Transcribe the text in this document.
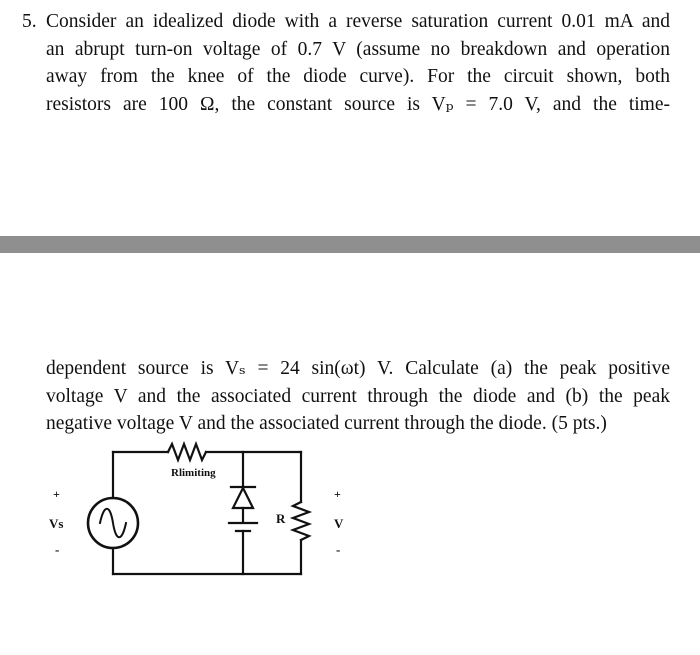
5. Consider an idealized diode with a reverse saturation current 0.01 mA and
an abrupt turn-on voltage of 0.7 V (assume no breakdown and operation
away from the knee of the diode curve). For the circuit shown, both
resistors are 100 Ω, the constant source is Vₚ = 7.0 V, and the time-
dependent source is Vₛ = 24 sin(ωt) V. Calculate (a) the peak positive
voltage V and the associated current through the diode and (b) the peak
negative voltage V and the associated current through the diode. (5 pts.)
Rlimiting
+
Vs
-
R
+
V
-
